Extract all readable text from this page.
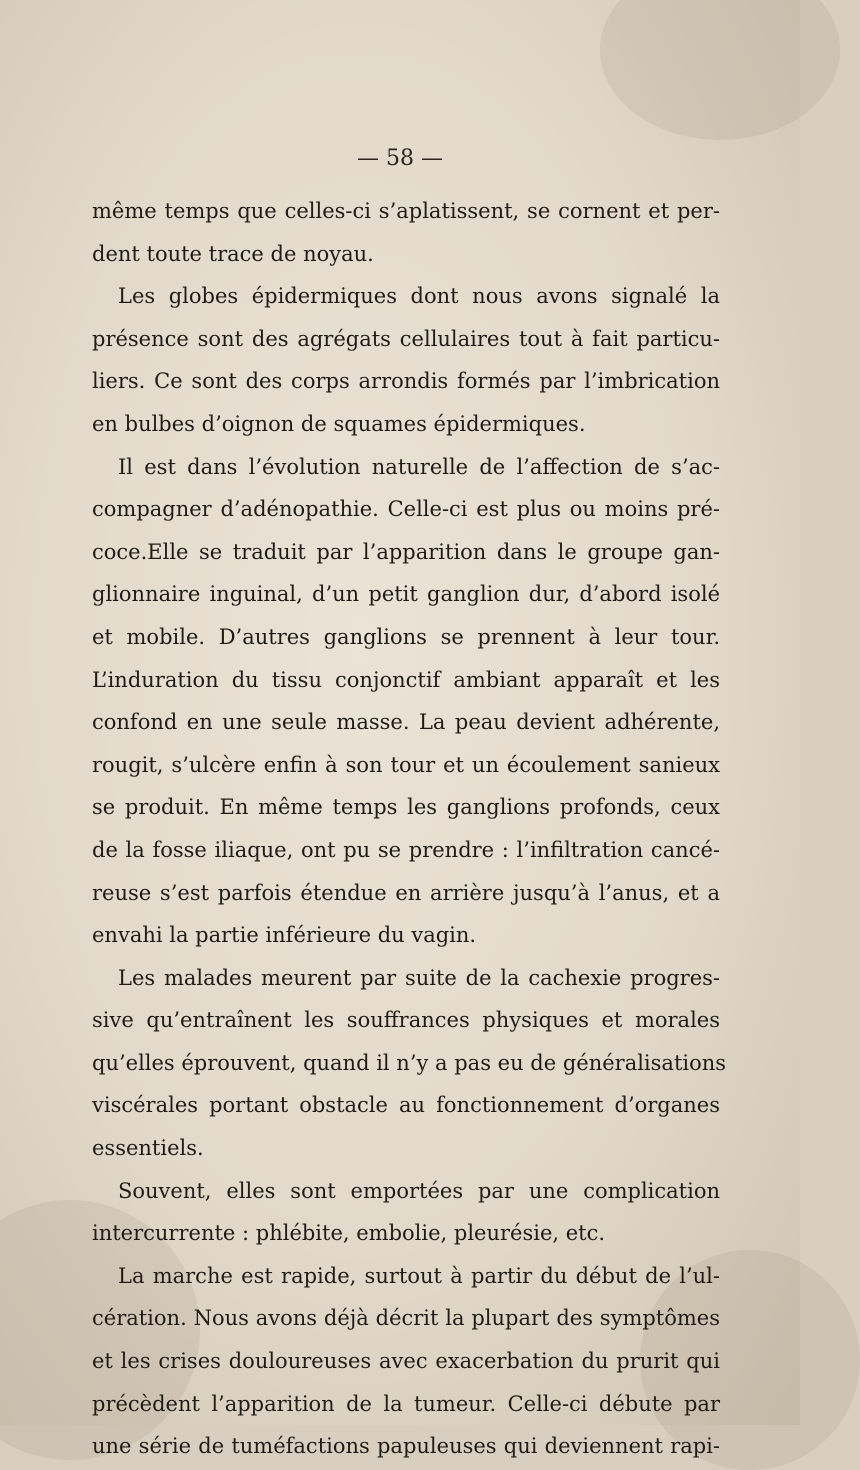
— 58 —
même temps que celles-ci s’aplatissent, se cornent et per-
dent toute trace de noyau.
Les globes épidermiques dont nous avons signalé la
présence sont des agrégats cellulaires tout à fait particu-
liers. Ce sont des corps arrondis formés par l’imbrication
en bulbes d’oignon de squames épidermiques.
Il est dans l’évolution naturelle de l’affection de s’ac-
compagner d’adénopathie. Celle-ci est plus ou moins pré-
coce.Elle se traduit par l’apparition dans le groupe gan-
glionnaire inguinal, d’un petit ganglion dur, d’abord isolé
et mobile. D’autres ganglions se prennent à leur tour.
L’induration du tissu conjonctif ambiant apparaît et les
confond en une seule masse. La peau devient adhérente,
rougit, s’ulcère enfin à son tour et un écoulement sanieux
se produit. En même temps les ganglions profonds, ceux
de la fosse iliaque, ont pu se prendre : l’infiltration cancé-
reuse s’est parfois étendue en arrière jusqu’à l’anus, et a
envahi la partie inférieure du vagin.
Les malades meurent par suite de la cachexie progres-
sive qu’entraînent les souffrances physiques et morales
qu’elles éprouvent, quand il n’y a pas eu de généralisations
viscérales portant obstacle au fonctionnement d’organes
essentiels.
Souvent, elles sont emportées par une complication
intercurrente : phlébite, embolie, pleurésie, etc.
La marche est rapide, surtout à partir du début de l’ul-
cération. Nous avons déjà décrit la plupart des symptômes
et les crises douloureuses avec exacerbation du prurit qui
précèdent l’apparition de la tumeur. Celle-ci débute par
une série de tuméfactions papuleuses qui deviennent rapi-
